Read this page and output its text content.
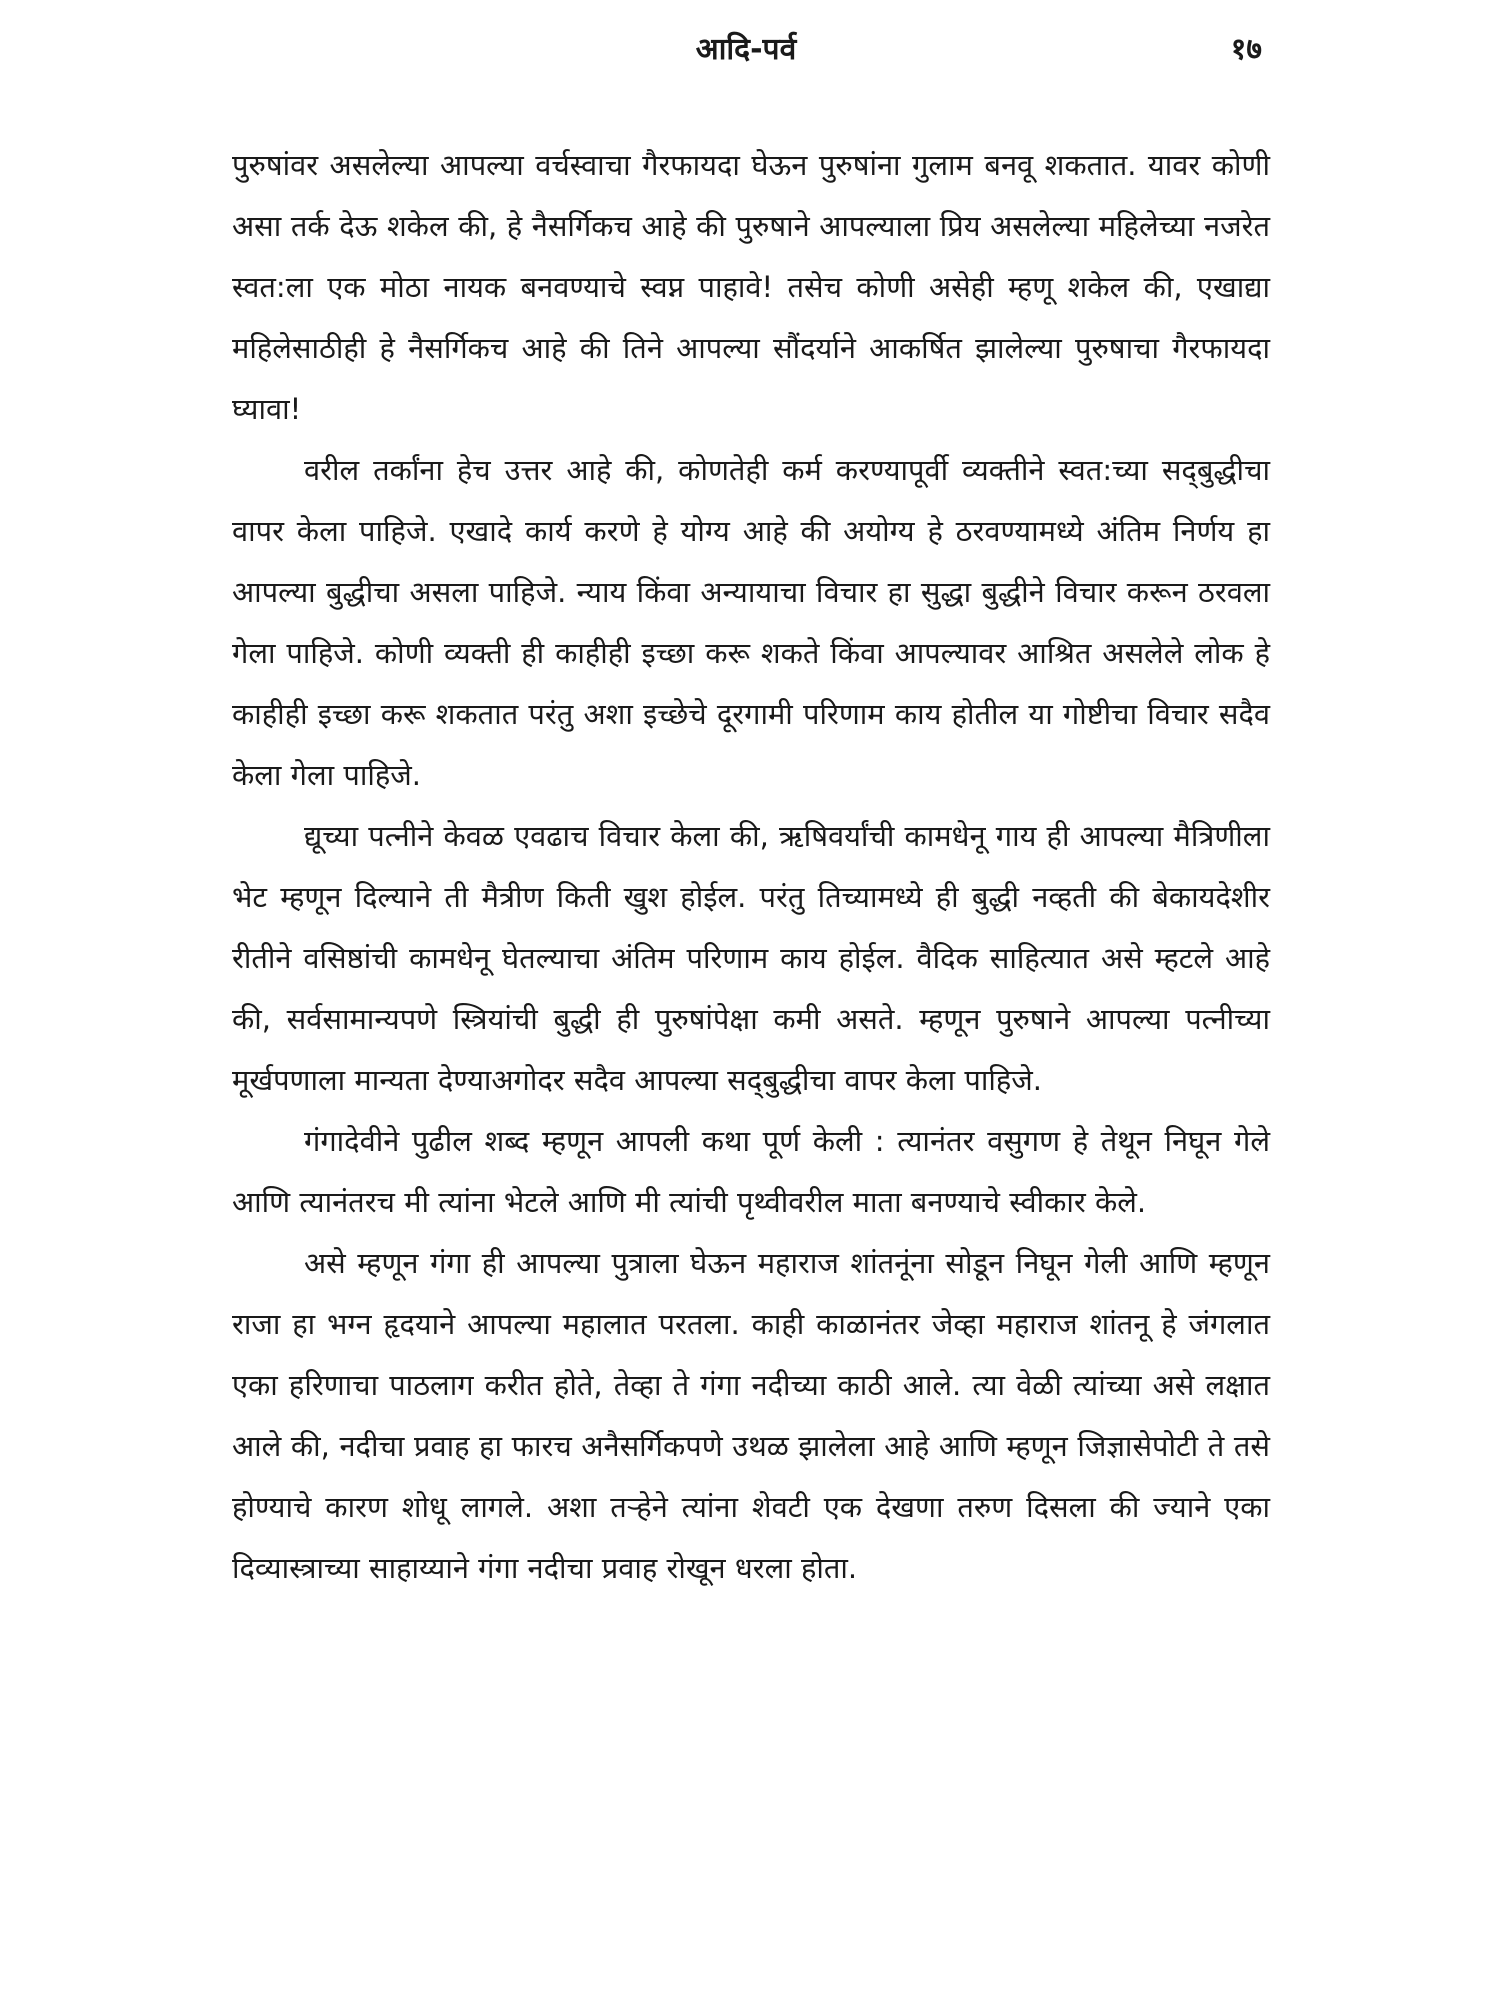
आदि-पर्व	१७

पुरुषांवर असलेल्या आपल्या वर्चस्वाचा गैरफायदा घेऊन पुरुषांना गुलाम बनवू शकतात. यावर कोणी असा तर्क देऊ शकेल की, हे नैसर्गिकच आहे की पुरुषाने आपल्याला प्रिय असलेल्या महिलेच्या नजरेत स्वत:ला एक मोठा नायक बनवण्याचे स्वप्न पाहावे! तसेच कोणी असेही म्हणू शकेल की, एखाद्या महिलेसाठीही हे नैसर्गिकच आहे की तिने आपल्या सौंदर्याने आकर्षित झालेल्या पुरुषाचा गैरफायदा घ्यावा!

वरील तर्कांना हेच उत्तर आहे की, कोणतेही कर्म करण्यापूर्वी व्यक्तीने स्वत:च्या सद्‌बुद्धीचा वापर केला पाहिजे. एखादे कार्य करणे हे योग्य आहे की अयोग्य हे ठरवण्यामध्ये अंतिम निर्णय हा आपल्या बुद्धीचा असला पाहिजे. न्याय किंवा अन्यायाचा विचार हा सुद्धा बुद्धीने विचार करून ठरवला गेला पाहिजे. कोणी व्यक्ती ही काहीही इच्छा करू शकते किंवा आपल्यावर आश्रित असलेले लोक हे काहीही इच्छा करू शकतात परंतु अशा इच्छेचे दूरगामी परिणाम काय होतील या गोष्टीचा विचार सदैव केला गेला पाहिजे.

द्यूच्या पत्नीने केवळ एवढाच विचार केला की, ऋषिवर्यांची कामधेनू गाय ही आपल्या मैत्रिणीला भेट म्हणून दिल्याने ती मैत्रीण किती खुश होईल. परंतु तिच्यामध्ये ही बुद्धी नव्हती की बेकायदेशीर रीतीने वसिष्ठांची कामधेनू घेतल्याचा अंतिम परिणाम काय होईल. वैदिक साहित्यात असे म्हटले आहे की, सर्वसामान्यपणे स्त्रियांची बुद्धी ही पुरुषांपेक्षा कमी असते. म्हणून पुरुषाने आपल्या पत्नीच्या मूर्खपणाला मान्यता देण्याअगोदर सदैव आपल्या सद्‌बुद्धीचा वापर केला पाहिजे.

गंगादेवीने पुढील शब्द म्हणून आपली कथा पूर्ण केली : त्यानंतर वसुगण हे तेथून निघून गेले आणि त्यानंतरच मी त्यांना भेटले आणि मी त्यांची पृथ्वीवरील माता बनण्याचे स्वीकार केले.

असे म्हणून गंगा ही आपल्या पुत्राला घेऊन महाराज शांतनूंना सोडून निघून गेली आणि म्हणून राजा हा भग्न हृदयाने आपल्या महालात परतला. काही काळानंतर जेव्हा महाराज शांतनू हे जंगलात एका हरिणाचा पाठलाग करीत होते, तेव्हा ते गंगा नदीच्या काठी आले. त्या वेळी त्यांच्या असे लक्षात आले की, नदीचा प्रवाह हा फारच अनैसर्गिकपणे उथळ झालेला आहे आणि म्हणून जिज्ञासेपोटी ते तसे होण्याचे कारण शोधू लागले. अशा तऱ्हेने त्यांना शेवटी एक देखणा तरुण दिसला की ज्याने एका दिव्यास्त्राच्या साहाय्याने गंगा नदीचा प्रवाह रोखून धरला होता.
